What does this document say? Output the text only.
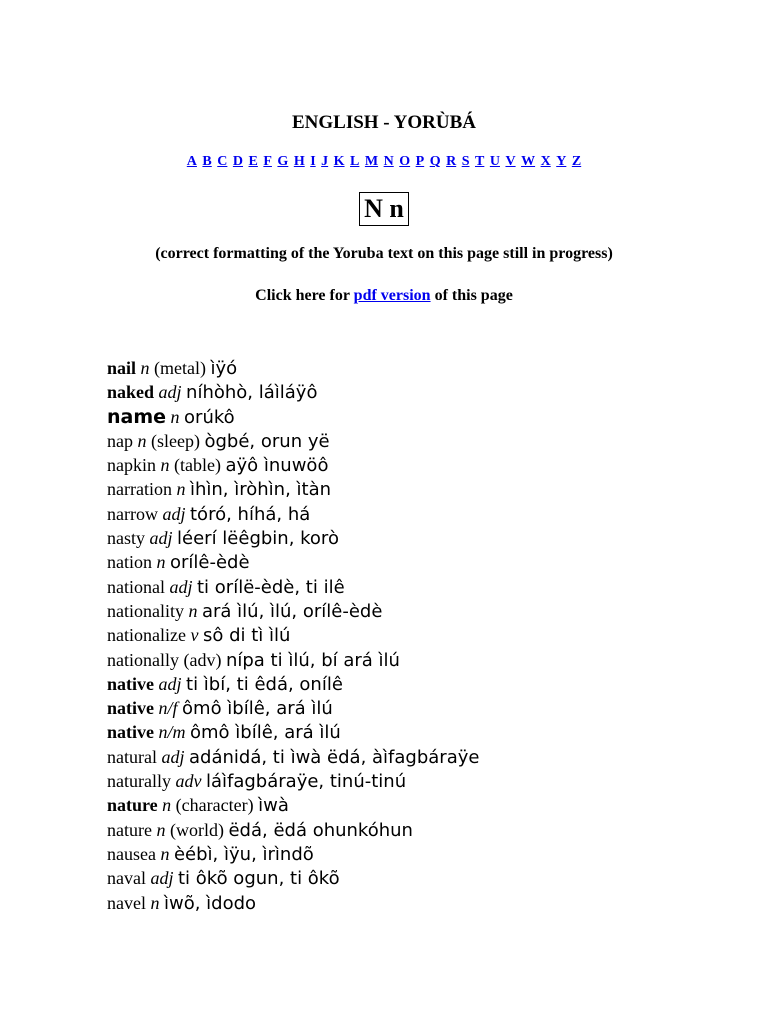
ENGLISH - YORÙBÁ
A B C D E F G H I J K L M N O P Q R S T U V W X Y Z
N n
(correct formatting of the Yoruba text on this page still in progress)
Click here for pdf version of this page
nail n (metal) ìÿó
naked adj níhòhò, láìláÿô
name n orúkô
nap n (sleep) ògbé, orun yë
napkin n (table) aÿô ìnuwöô
narration n ìhìn, ìròhìn, ìtàn
narrow adj tóró, híhá, há
nasty adj léerí lëêgbin, korò
nation n orílê-èdè
national adj ti orílë-èdè, ti ilê
nationality n ará ìlú, ìlú, orílê-èdè
nationalize v sô di tì ìlú
nationally (adv) nípa ti ìlú, bí ará ìlú
native adj ti ìbí, ti êdá, onílê
native n/f ômô ìbílê, ará ìlú
native n/m ômô ìbílê, ará ìlú
natural adj adánidá, ti ìwà ëdá, àìfagbáraÿe
naturally adv láìfagbáraÿe, tinú-tinú
nature n (character) ìwà
nature n (world) ëdá, ëdá ohunkóhun
nausea n èébì, ìÿu, ìrìndõ
naval adj ti ôkõ ogun, ti ôkõ
navel n ìwõ, ìdodo
